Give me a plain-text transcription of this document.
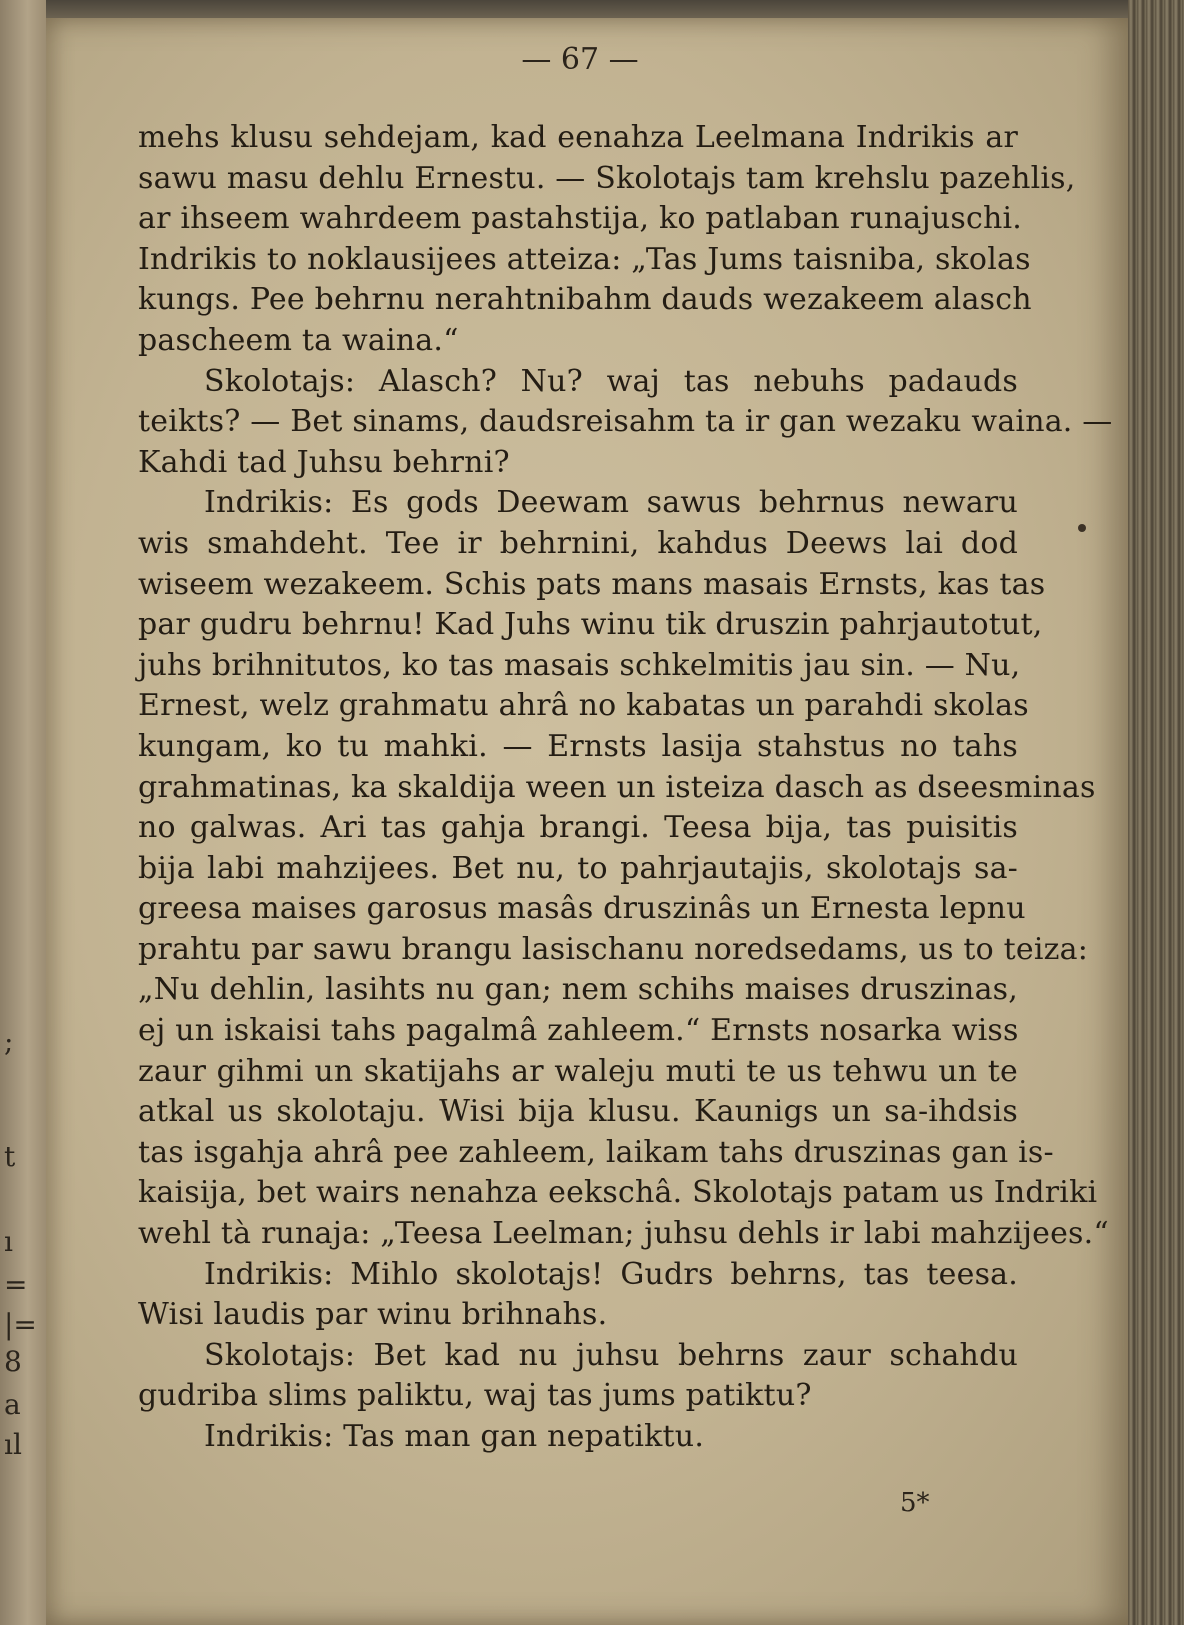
;
t
ı
=
|=
8
a
ıl
— 67 —
mehs klusu sehdejam, kad eenahza Leelmana Indrikis ar
sawu masu dehlu Ernestu. — Skolotajs tam krehslu pazehlis,
ar ihseem wahrdeem pastahstija, ko patlaban runajuschi.
Indrikis to noklausijees atteiza: „Tas Jums taisniba, skolas
kungs. Pee behrnu nerahtnibahm dauds wezakeem alasch
pascheem ta waina.“
Skolotajs: Alasch? Nu? waj tas nebuhs padauds
teikts? — Bet sinams, daudsreisahm ta ir gan wezaku waina. —
Kahdi tad Juhsu behrni?
Indrikis: Es gods Deewam sawus behrnus newaru
wis smahdeht. Tee ir behrnini, kahdus Deews lai dod
wiseem wezakeem. Schis pats mans masais Ernsts, kas tas
par gudru behrnu! Kad Juhs winu tik druszin pahrjautotut,
juhs brihnitutos, ko tas masais schkelmitis jau sin. — Nu,
Ernest, welz grahmatu ahrâ no kabatas un parahdi skolas
kungam, ko tu mahki. — Ernsts lasija stahstus no tahs
grahmatinas, ka skaldija ween un isteiza dasch as dseesminas
no galwas. Ari tas gahja brangi. Teesa bija, tas puisitis
bija labi mahzijees. Bet nu, to pahrjautajis, skolotajs sa-
greesa maises garosus masâs druszinâs un Ernesta lepnu
prahtu par sawu brangu lasischanu noredsedams, us to teiza:
„Nu dehlin, lasihts nu gan; nem schihs maises druszinas,
ej un iskaisi tahs pagalmâ zahleem.“ Ernsts nosarka wiss
zaur gihmi un skatijahs ar waleju muti te us tehwu un te
atkal us skolotaju. Wisi bija klusu. Kaunigs un sa-ihdsis
tas isgahja ahrâ pee zahleem, laikam tahs druszinas gan is-
kaisija, bet wairs nenahza eekschâ. Skolotajs patam us Indriki
wehl tà runaja: „Teesa Leelman; juhsu dehls ir labi mahzijees.“
Indrikis: Mihlo skolotajs! Gudrs behrns, tas teesa.
Wisi laudis par winu brihnahs.
Skolotajs: Bet kad nu juhsu behrns zaur schahdu
gudriba slims paliktu, waj tas jums patiktu?
Indrikis: Tas man gan nepatiktu.
5*
